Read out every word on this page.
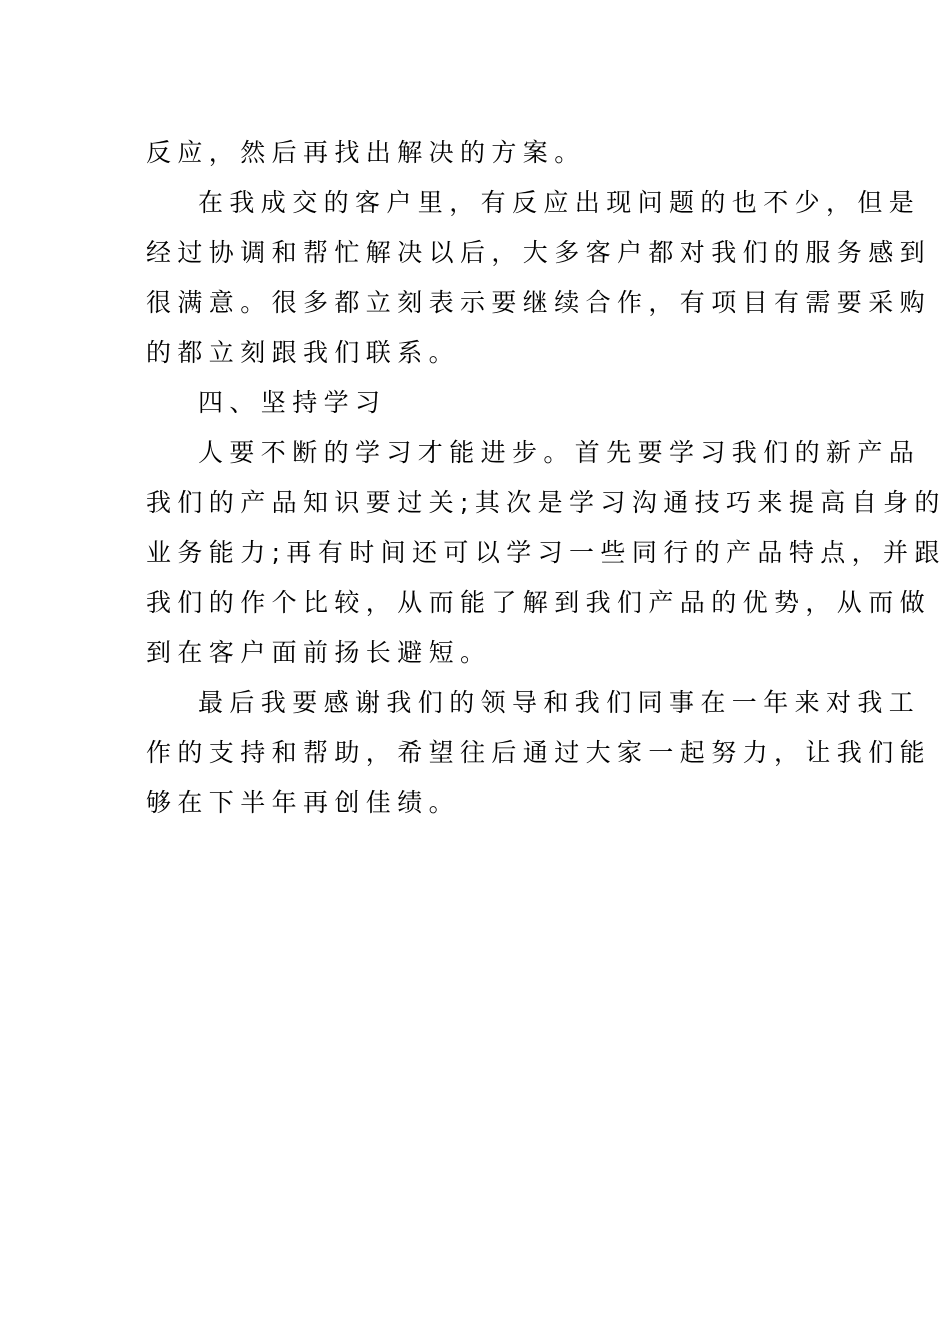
反应，然后再找出解决的方案。
在我成交的客户里，有反应出现问题的也不少，但是
经过协调和帮忙解决以后，大多客户都对我们的服务感到
很满意。很多都立刻表示要继续合作，有项目有需要采购
的都立刻跟我们联系。
四、坚持学习
人要不断的学习才能进步。首先要学习我们的新产品
我们的产品知识要过关;其次是学习沟通技巧来提高自身的
业务能力;再有时间还可以学习一些同行的产品特点，并跟
我们的作个比较，从而能了解到我们产品的优势，从而做
到在客户面前扬长避短。
最后我要感谢我们的领导和我们同事在一年来对我工
作的支持和帮助，希望往后通过大家一起努力，让我们能
够在下半年再创佳绩。
